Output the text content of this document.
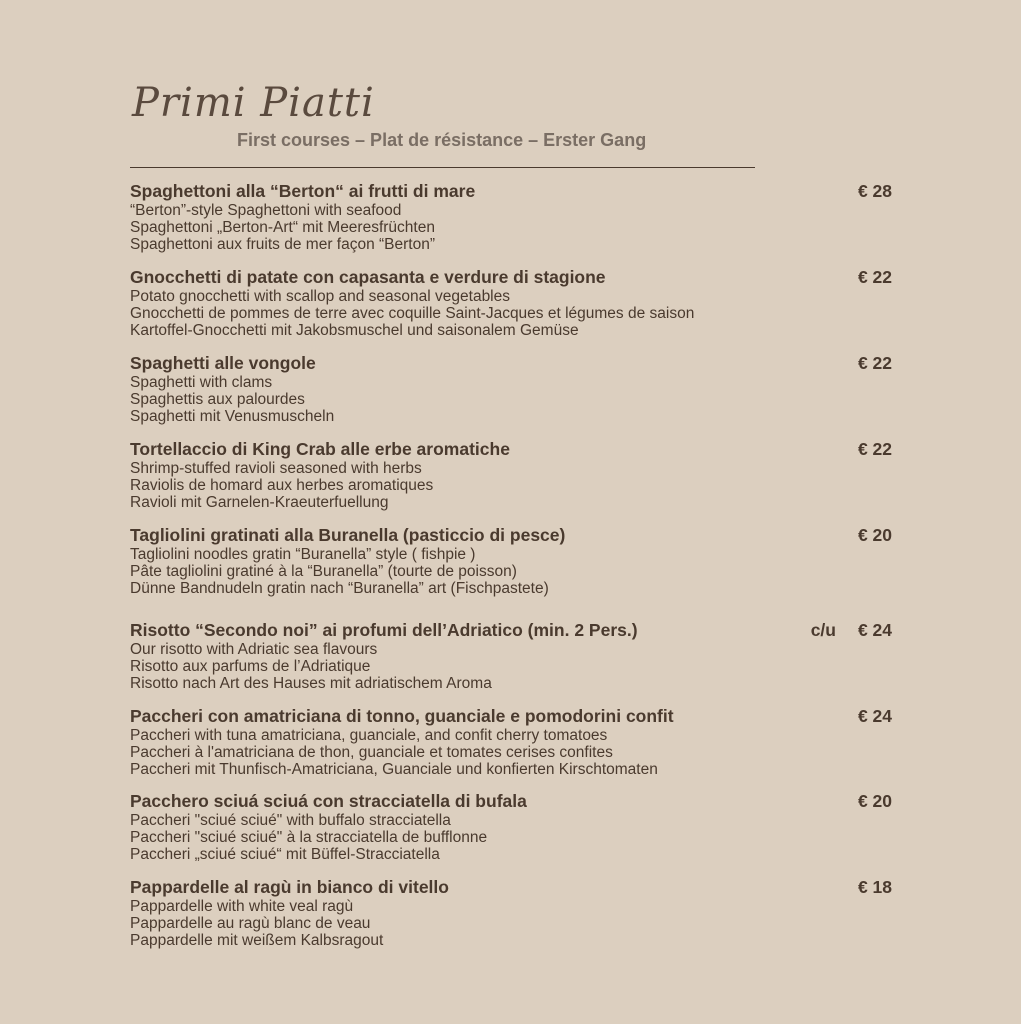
Primi Piatti
First courses – Plat de résistance – Erster Gang
Spaghettoni alla “Berton“ ai frutti di mare	€ 28
“Berton”-style Spaghettoni with seafood
Spaghettoni „Berton-Art“ mit Meeresfrüchten
Spaghettoni aux fruits de mer façon “Berton”
Gnocchetti di patate con capasanta e verdure di stagione	€ 22
Potato gnocchetti with scallop and seasonal vegetables
Gnocchetti de pommes de terre avec coquille Saint-Jacques et légumes de saison
Kartoffel-Gnocchetti mit Jakobsmuschel und saisonalem Gemüse
Spaghetti alle vongole	€ 22
Spaghetti with clams
Spaghettis aux palourdes
Spaghetti mit Venusmuscheln
Tortellaccio di King Crab alle erbe aromatiche	€ 22
Shrimp-stuffed ravioli seasoned with herbs
Raviolis de homard aux herbes aromatiques
Ravioli mit Garnelen-Kraeuterfuellung
Tagliolini gratinati alla Buranella (pasticcio di pesce)	€ 20
Tagliolini noodles gratin “Buranella” style ( fishpie )
Pâte tagliolini gratiné à la “Buranella” (tourte de poisson)
Dünne Bandnudeln gratin nach “Buranella” art (Fischpastete)
Risotto “Secondo noi” ai profumi dell’Adriatico (min. 2 Pers.)	c/u € 24
Our risotto with Adriatic sea flavours
Risotto aux parfums de l’Adriatique
Risotto nach Art des Hauses mit adriatischem Aroma
Paccheri con amatriciana di tonno, guanciale e pomodorini confit	€ 24
Paccheri with tuna amatriciana, guanciale, and confit cherry tomatoes
Paccheri à l'amatriciana de thon, guanciale et tomates cerises confites
Paccheri mit Thunfisch-Amatriciana, Guanciale und konfierten Kirschtomaten
Pacchero sciuá sciuá con stracciatella di bufala	€ 20
Paccheri "sciué sciué" with buffalo stracciatella
Paccheri "sciué sciué" à la stracciatella de bufflonne
Paccheri „sciué sciué“ mit Büffel-Stracciatella
Pappardelle al ragù in bianco di vitello	€ 18
Pappardelle with white veal ragù
Pappardelle au ragù blanc de veau
Pappardelle mit weißem Kalbsragout
